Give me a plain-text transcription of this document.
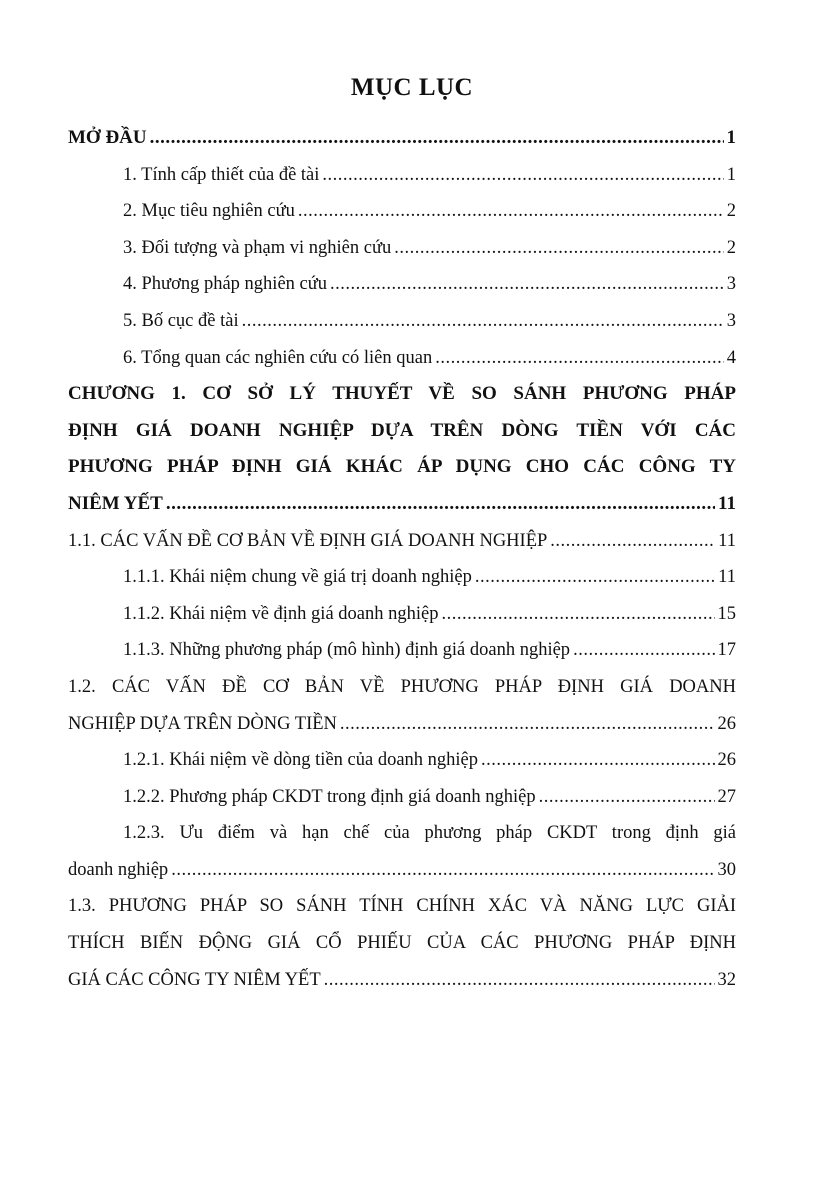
MỤC LỤC
MỞ ĐẦU .....	1
1. Tính cấp thiết của đề tài .....	1
2. Mục tiêu nghiên cứu .....	2
3. Đối tượng và phạm vi nghiên cứu .....	2
4. Phương pháp nghiên cứu .....	3
5. Bố cục đề tài .....	3
6. Tổng quan các nghiên cứu có liên quan .....	4
CHƯƠNG 1. CƠ SỞ LÝ THUYẾT VỀ SO SÁNH PHƯƠNG PHÁP
ĐỊNH GIÁ DOANH NGHIỆP DỰA TRÊN DÒNG TIỀN VỚI CÁC
PHƯƠNG PHÁP ĐỊNH GIÁ KHÁC ÁP DỤNG CHO CÁC CÔNG TY
NIÊM YẾT .....	11
1.1. CÁC VẤN ĐỀ CƠ BẢN VỀ ĐỊNH GIÁ DOANH NGHIỆP .....	11
1.1.1. Khái niệm chung về giá trị doanh nghiệp .....	11
1.1.2. Khái niệm về định giá doanh nghiệp .....	15
1.1.3. Những phương pháp (mô hình) định giá doanh nghiệp .....	17
1.2. CÁC VẤN ĐỀ CƠ BẢN VỀ PHƯƠNG PHÁP ĐỊNH GIÁ DOANH
NGHIỆP DỰA TRÊN DÒNG TIỀN .....	26
1.2.1. Khái niệm về dòng tiền của doanh nghiệp .....	26
1.2.2. Phương pháp CKDT trong định giá doanh nghiệp .....	27
1.2.3. Ưu điểm và hạn chế của phương pháp CKDT trong định giá
doanh nghiệp .....	30
1.3. PHƯƠNG PHÁP SO SÁNH TÍNH CHÍNH XÁC VÀ NĂNG LỰC GIẢI
THÍCH BIẾN ĐỘNG GIÁ CỔ PHIẾU CỦA CÁC PHƯƠNG PHÁP ĐỊNH
GIÁ CÁC CÔNG TY NIÊM YẾT .....	32
